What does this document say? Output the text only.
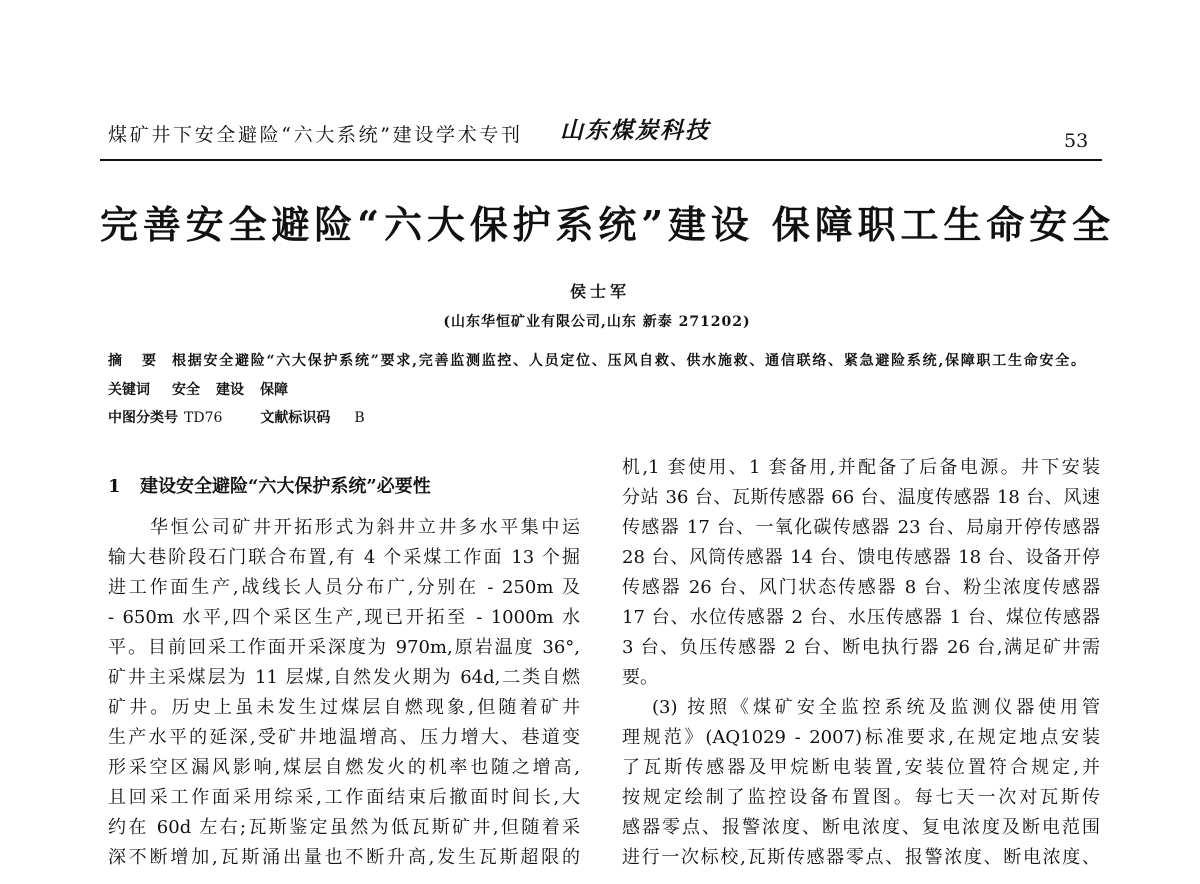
煤矿井下安全避险“六大系统”建设学术专刊 山东煤炭科技	53
完善安全避险“六大保护系统”建设 保障职工生命安全
侯士军
(山东华恒矿业有限公司,山东 新泰 271202)
摘　要 根据安全避险“六大保护系统”要求,完善监测监控、人员定位、压风自救、供水施救、通信联络、紧急避险系统,保障职工生命安全。
关键词	安全 建设 保障
中图分类号 TD76	文献标识码 B
1	建设安全避险“六大保护系统”必要性
华恒公司矿井开拓形式为斜井立井多水平集中运
输大巷阶段石门联合布置,有 4 个采煤工作面 13 个掘
进工作面生产,战线长人员分布广,分别在 - 250m 及
- 650m 水平,四个采区生产,现已开拓至 - 1000m 水
平。目前回采工作面开采深度为 970m,原岩温度 36°,
矿井主采煤层为 11 层煤,自然发火期为 64d,二类自燃
矿井。历史上虽未发生过煤层自燃现象,但随着矿井
生产水平的延深,受矿井地温增高、压力增大、巷道变
形采空区漏风影响,煤层自燃发火的机率也随之增高,
且回采工作面采用综采,工作面结束后撤面时间长,大
约在 60d 左右;瓦斯鉴定虽然为低瓦斯矿井,但随着采
深不断增加,瓦斯涌出量也不断升高,发生瓦斯超限的
机,1 套使用、1 套备用,并配备了后备电源。井下安装
分站 36 台、瓦斯传感器 66 台、温度传感器 18 台、风速
传感器 17 台、一氧化碳传感器 23 台、局扇开停传感器
28 台、风筒传感器 14 台、馈电传感器 18 台、设备开停
传感器 26 台、风门状态传感器 8 台、粉尘浓度传感器
17 台、水位传感器 2 台、水压传感器 1 台、煤位传感器
3 台、负压传感器 2 台、断电执行器 26 台,满足矿井需
要。
(3) 按照《煤矿安全监控系统及监测仪器使用管
理规范》(AQ1029 - 2007)标准要求,在规定地点安装
了瓦斯传感器及甲烷断电装置,安装位置符合规定,并
按规定绘制了监控设备布置图。每七天一次对瓦斯传
感器零点、报警浓度、断电浓度、复电浓度及断电范围
进行一次标校,瓦斯传感器零点、报警浓度、断电浓度、
